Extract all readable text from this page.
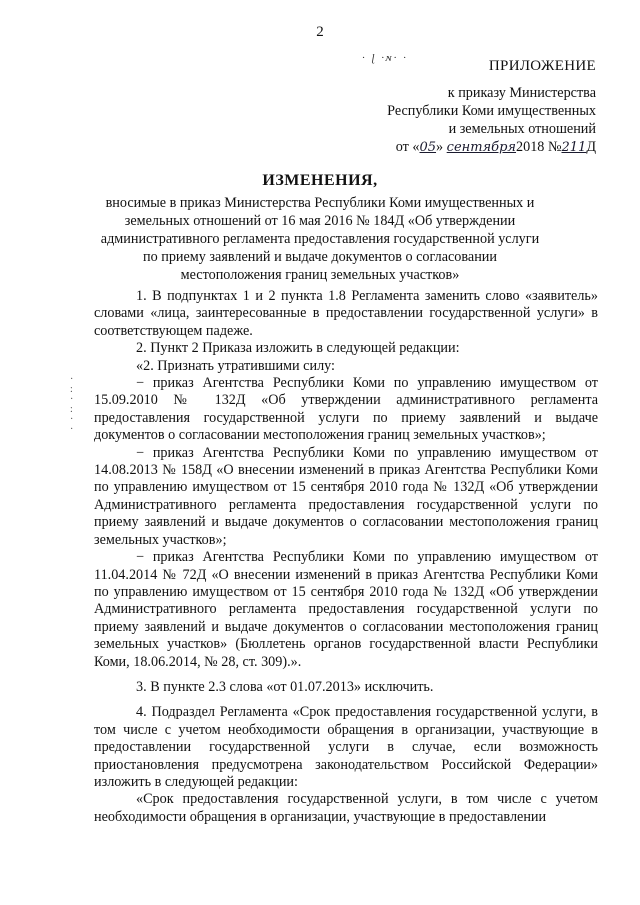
2
· ɭ ·ɴ· ·	ПРИЛОЖЕНИЕ
к приказу Министерства
Республики Коми имущественных
и земельных отношений
от «05» сентября2018 №211Д
ИЗМЕНЕНИЯ,
вносимые в приказ Министерства Республики Коми имущественных и земельных отношений от 16 мая 2016 № 184Д «Об утверждении административного регламента предоставления государственной услуги по приему заявлений и выдаче документов о согласовании местоположения границ земельных участков»
·
:
·
:
·
·

1. В подпунктах 1 и 2 пункта 1.8 Регламента заменить слово «заявитель» словами «лица, заинтересованные в предоставлении государственной услуги» в соответствующем падеже.

2. Пункт 2 Приказа изложить в следующей редакции:

«2. Признать утратившими силу:

− приказ Агентства Республики Коми по управлению имуществом от 15.09.2010 № 132Д «Об утверждении административного регламента предоставления государственной услуги по приему заявлений и выдаче документов о согласовании местоположения границ земельных участков»;

− приказ Агентства Республики Коми по управлению имуществом от 14.08.2013 № 158Д «О внесении изменений в приказ Агентства Республики Коми по управлению имуществом от 15 сентября 2010 года № 132Д «Об утверждении Административного регламента предоставления государственной услуги по приему заявлений и выдаче документов о согласовании местоположения границ земельных участков»;

− приказ Агентства Республики Коми по управлению имуществом от 11.04.2014 № 72Д «О внесении изменений в приказ Агентства Республики Коми по управлению имуществом от 15 сентября 2010 года № 132Д «Об утверждении Административного регламента предоставления государственной услуги по приему заявлений и выдаче документов о согласовании местоположения границ земельных участков» (Бюллетень органов государственной власти Республики Коми, 18.06.2014, № 28, ст. 309).».

3. В пункте 2.3 слова «от 01.07.2013» исключить.

4. Подраздел Регламента «Срок предоставления государственной услуги, в том числе с учетом необходимости обращения в организации, участвующие в предоставлении государственной услуги в случае, если возможность приостановления предусмотрена законодательством Российской Федерации» изложить в следующей редакции:

«Срок предоставления государственной услуги, в том числе с учетом необходимости обращения в организации, участвующие в предоставлении
